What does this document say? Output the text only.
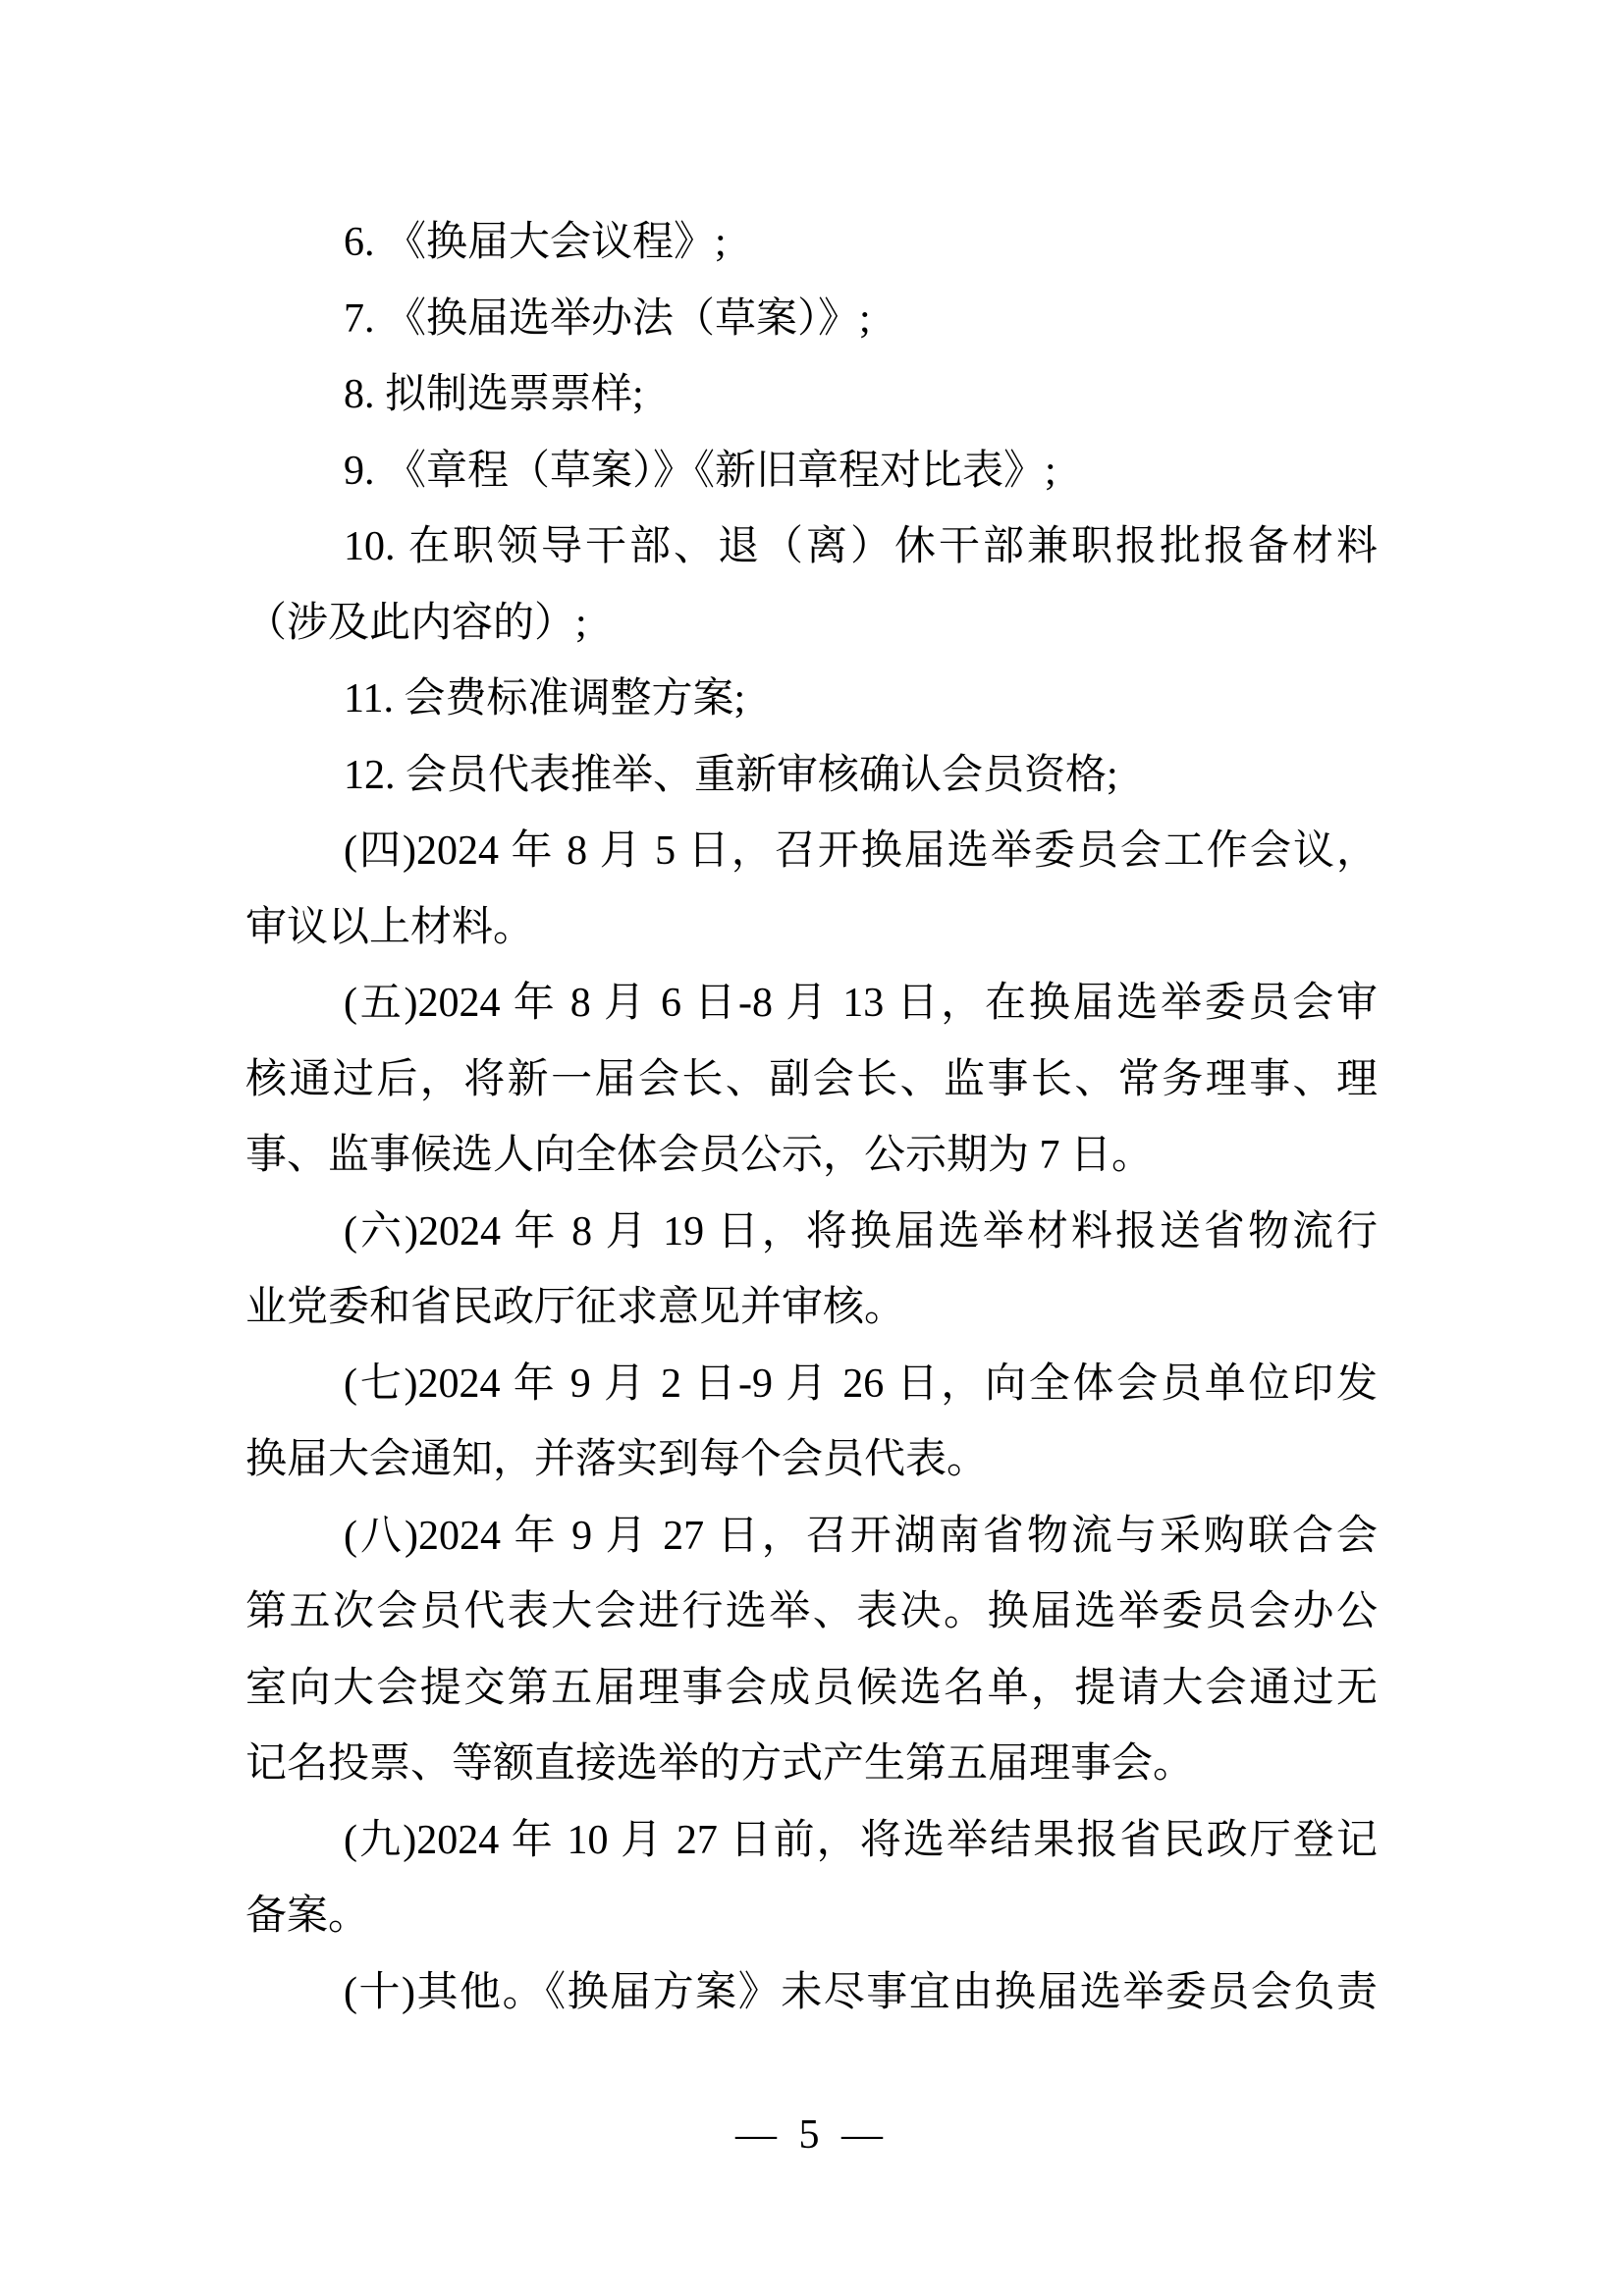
6. 《换届大会议程》;
7. 《换届选举办法（草案）》;
8. 拟制选票票样;
9. 《章程（草案）》《新旧章程对比表》;
10. 在职领导干部、退（离）休干部兼职报批报备材料
（涉及此内容的）;
11. 会费标准调整方案;
12. 会员代表推举、重新审核确认会员资格;
(四)2024 年 8 月 5 日，召开换届选举委员会工作会议，
审议以上材料。
(五)2024 年 8 月 6 日-8 月 13 日，在换届选举委员会审
核通过后，将新一届会长、副会长、监事长、常务理事、理
事、监事候选人向全体会员公示，公示期为 7 日。
(六)2024 年 8 月 19 日，将换届选举材料报送省物流行
业党委和省民政厅征求意见并审核。
(七)2024 年 9 月 2 日-9 月 26 日，向全体会员单位印发
换届大会通知，并落实到每个会员代表。
(八)2024 年 9 月 27 日，召开湖南省物流与采购联合会
第五次会员代表大会进行选举、表决。换届选举委员会办公
室向大会提交第五届理事会成员候选名单，提请大会通过无
记名投票、等额直接选举的方式产生第五届理事会。
(九)2024 年 10 月 27 日前，将选举结果报省民政厅登记
备案。
(十)其他。《换届方案》未尽事宜由换届选举委员会负责
— 5 —
